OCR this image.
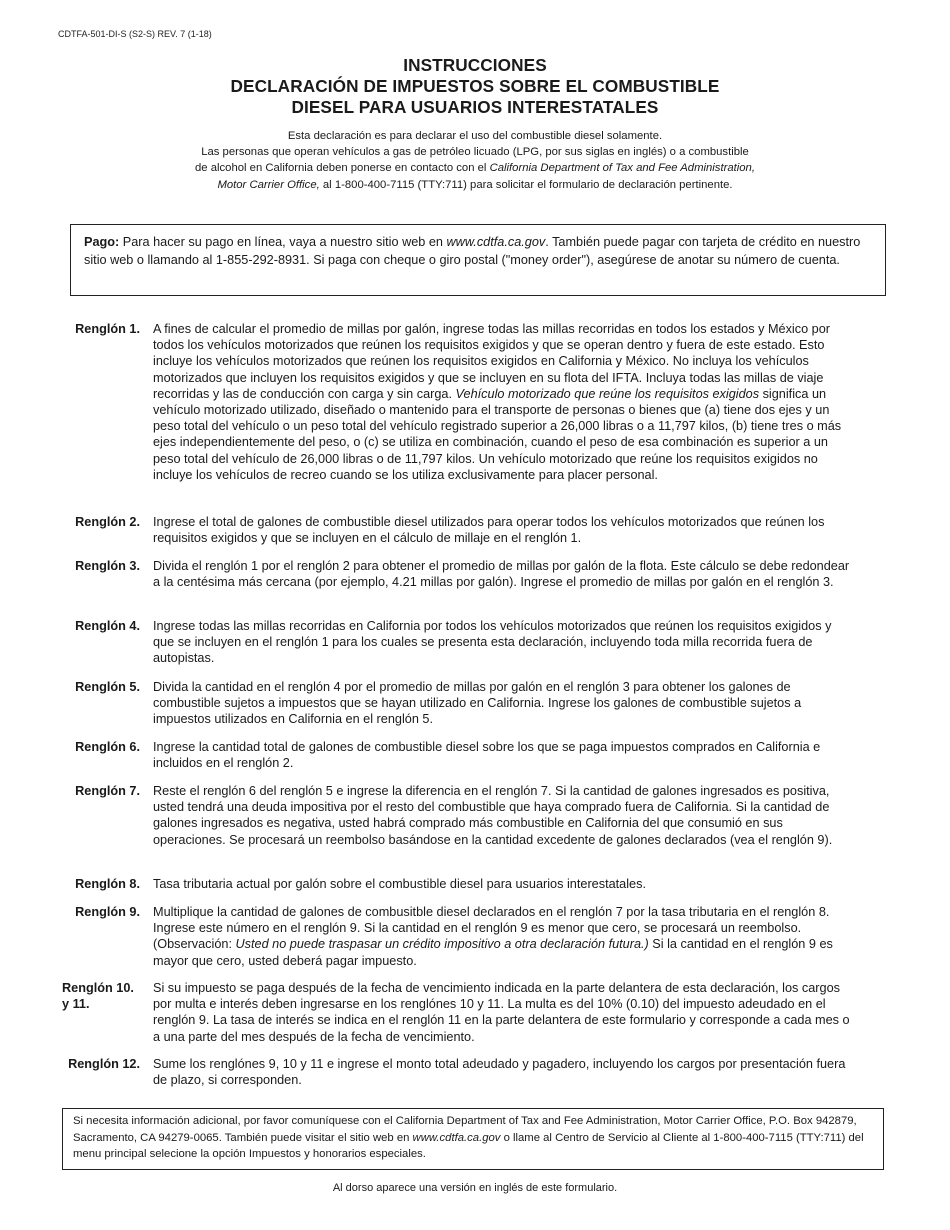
CDTFA-501-DI-S (S2-S) REV. 7 (1-18)
INSTRUCCIONES
DECLARACIÓN DE IMPUESTOS SOBRE EL COMBUSTIBLE
DIESEL PARA USUARIOS INTERESTATALES
Esta declaración es para declarar el uso del combustible diesel solamente.
Las personas que operan vehículos a gas de petróleo licuado (LPG, por sus siglas en inglés) o a combustible
de alcohol en California deben ponerse en contacto con el California Department of Tax and Fee Administration,
Motor Carrier Office, al 1-800-400-7115 (TTY:711) para solicitar el formulario de declaración pertinente.
Pago: Para hacer su pago en línea, vaya a nuestro sitio web en www.cdtfa.ca.gov. También puede pagar con tarjeta de crédito en nuestro sitio web o llamando al 1-855-292-8931. Si paga con cheque o giro postal ("money order"), asegúrese de anotar su número de cuenta.
Renglón 1. A fines de calcular el promedio de millas por galón, ingrese todas las millas recorridas en todos los estados y México por todos los vehículos motorizados que reúnen los requisitos exigidos y que se operan dentro y fuera de este estado. Esto incluye los vehículos motorizados que reúnen los requisitos exigidos en California y México. No incluya los vehículos motorizados que incluyen los requisitos exigidos y que se incluyen en su flota del IFTA. Incluya todas las millas de viaje recorridas y las de conducción con carga y sin carga. Vehículo motorizado que reúne los requisitos exigidos significa un vehículo motorizado utilizado, diseñado o mantenido para el transporte de personas o bienes que (a) tiene dos ejes y un peso total del vehículo o un peso total del vehículo registrado superior a 26,000 libras o a 11,797 kilos, (b) tiene tres o más ejes independientemente del peso, o (c) se utiliza en combinación, cuando el peso de esa combinación es superior a un peso total del vehículo de 26,000 libras o de 11,797 kilos. Un vehículo motorizado que reúne los requisitos exigidos no incluye los vehículos de recreo cuando se los utiliza exclusivamente para placer personal.
Renglón 2. Ingrese el total de galones de combustible diesel utilizados para operar todos los vehículos motorizados que reúnen los requisitos exigidos y que se incluyen en el cálculo de millaje en el renglón 1.
Renglón 3. Divida el renglón 1 por el renglón 2 para obtener el promedio de millas por galón de la flota. Este cálculo se debe redondear a la centésima más cercana (por ejemplo, 4.21 millas por galón). Ingrese el promedio de millas por galón en el renglón 3.
Renglón 4. Ingrese todas las millas recorridas en California por todos los vehículos motorizados que reúnen los requisitos exigidos y que se incluyen en el renglón 1 para los cuales se presenta esta declaración, incluyendo toda milla recorrida fuera de autopistas.
Renglón 5. Divida la cantidad en el renglón 4 por el promedio de millas por galón en el renglón 3 para obtener los galones de combustible sujetos a impuestos que se hayan utilizado en California. Ingrese los galones de combustible sujetos a impuestos utilizados en California en el renglón 5.
Renglón 6. Ingrese la cantidad total de galones de combustible diesel sobre los que se paga impuestos comprados en California e incluidos en el renglón 2.
Renglón 7. Reste el renglón 6 del renglón 5 e ingrese la diferencia en el renglón 7. Si la cantidad de galones ingresados es positiva, usted tendrá una deuda impositiva por el resto del combustible que haya comprado fuera de California. Si la cantidad de galones ingresados es negativa, usted habrá comprado más combustible en California del que consumió en sus operaciones. Se procesará un reembolso basándose en la cantidad excedente de galones declarados (vea el renglón 9).
Renglón 8. Tasa tributaria actual por galón sobre el combustible diesel para usuarios interestatales.
Renglón 9. Multiplique la cantidad de galones de combusitble diesel declarados en el renglón 7 por la tasa tributaria en el renglón 8. Ingrese este número en el renglón 9. Si la cantidad en el renglón 9 es menor que cero, se procesará un reembolso. (Observación: Usted no puede traspasar un crédito impositivo a otra declaración futura.) Si la cantidad en el renglón 9 es mayor que cero, usted deberá pagar impuesto.
Renglón 10.
y 11.
Si su impuesto se paga después de la fecha de vencimiento indicada en la parte delantera de esta declaración, los cargos por multa e interés deben ingresarse en los renglónes 10 y 11. La multa es del 10% (0.10) del impuesto adeudado en el renglón 9. La tasa de interés se indica en el renglón 11 en la parte delantera de este formulario y corresponde a cada mes o a una parte del mes después de la fecha de vencimiento.
Renglón 12. Sume los renglónes 9, 10 y 11 e ingrese el monto total adeudado y pagadero, incluyendo los cargos por presentación fuera de plazo, si corresponden.
Si necesita información adicional, por favor comuníquese con el California Department of Tax and Fee Administration, Motor Carrier Office, P.O. Box 942879, Sacramento, CA 94279-0065. También puede visitar el sitio web en www.cdtfa.ca.gov o llame al Centro de Servicio al Cliente al 1-800-400-7115 (TTY:711) del menu principal selecione la opción Impuestos y honorarios especiales.
Al dorso aparece una versión en inglés de este formulario.
